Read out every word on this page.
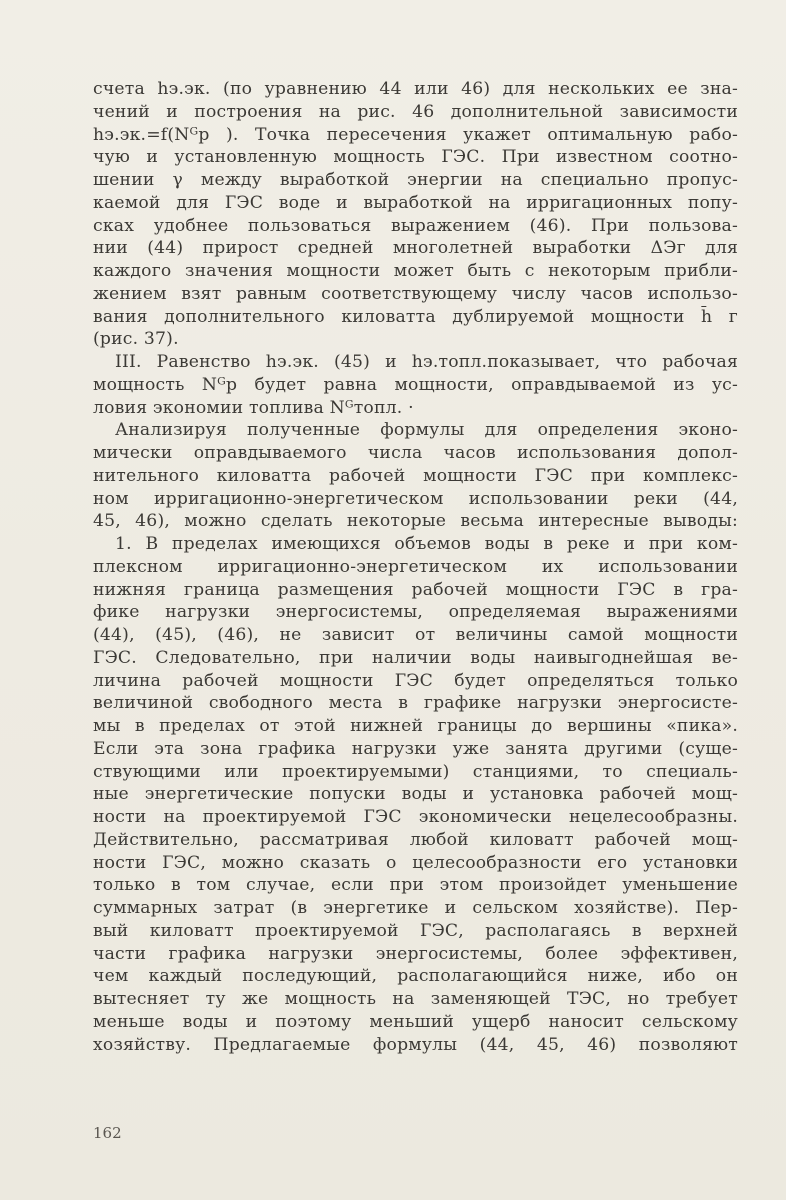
счета hэ.эк. (по уравнению 44 или 46) для нескольких ее зна-
чений и построения на рис. 46 дополнительной зависимости
hэ.эк.=f(Nᴳр ). Точка пересечения укажет оптимальную рабо-
чую и установленную мощность ГЭС. При известном соотно-
шении γ между выработкой энергии на специально пропус-
каемой для ГЭС воде и выработкой на ирригационных попу-
сках удобнее пользоваться выражением (46). При пользова-
нии (44) прирост средней многолетней выработки ΔЭг для
каждого значения мощности может быть с некоторым прибли-
жением взят равным соответствующему числу часов использо-
вания дополнительного киловатта дублируемой мощности h̄ г
(рис. 37).
III. Равенство hэ.эк. (45) и hэ.топл.показывает, что рабочая
мощность Nᴳр будет равна мощности, оправдываемой из ус-
ловия экономии топлива Nᴳтопл. ·
Анализируя полученные формулы для определения эконо-
мически оправдываемого числа часов использования допол-
нительного киловатта рабочей мощности ГЭС при комплекс-
ном ирригационно-энергетическом использовании реки (44,
45, 46), можно сделать некоторые весьма интересные выводы:
1. В пределах имеющихся объемов воды в реке и при ком-
плексном ирригационно-энергетическом их использовании
нижняя граница размещения рабочей мощности ГЭС в гра-
фике нагрузки энергосистемы, определяемая выражениями
(44), (45), (46), не зависит от величины самой мощности
ГЭС. Следовательно, при наличии воды наивыгоднейшая ве-
личина рабочей мощности ГЭС будет определяться только
величиной свободного места в графике нагрузки энергосисте-
мы в пределах от этой нижней границы до вершины «пика».
Если эта зона графика нагрузки уже занята другими (суще-
ствующими или проектируемыми) станциями, то специаль-
ные энергетические попуски воды и установка рабочей мощ-
ности на проектируемой ГЭС экономически нецелесообразны.
Действительно, рассматривая любой киловатт рабочей мощ-
ности ГЭС, можно сказать о целесообразности его установки
только в том случае, если при этом произойдет уменьшение
суммарных затрат (в энергетике и сельском хозяйстве). Пер-
вый киловатт проектируемой ГЭС, располагаясь в верхней
части графика нагрузки энергосистемы, более эффективен,
чем каждый последующий, располагающийся ниже, ибо он
вытесняет ту же мощность на заменяющей ТЭС, но требует
меньше воды и поэтому меньший ущерб наносит сельскому
хозяйству. Предлагаемые формулы (44, 45, 46) позволяют
162
